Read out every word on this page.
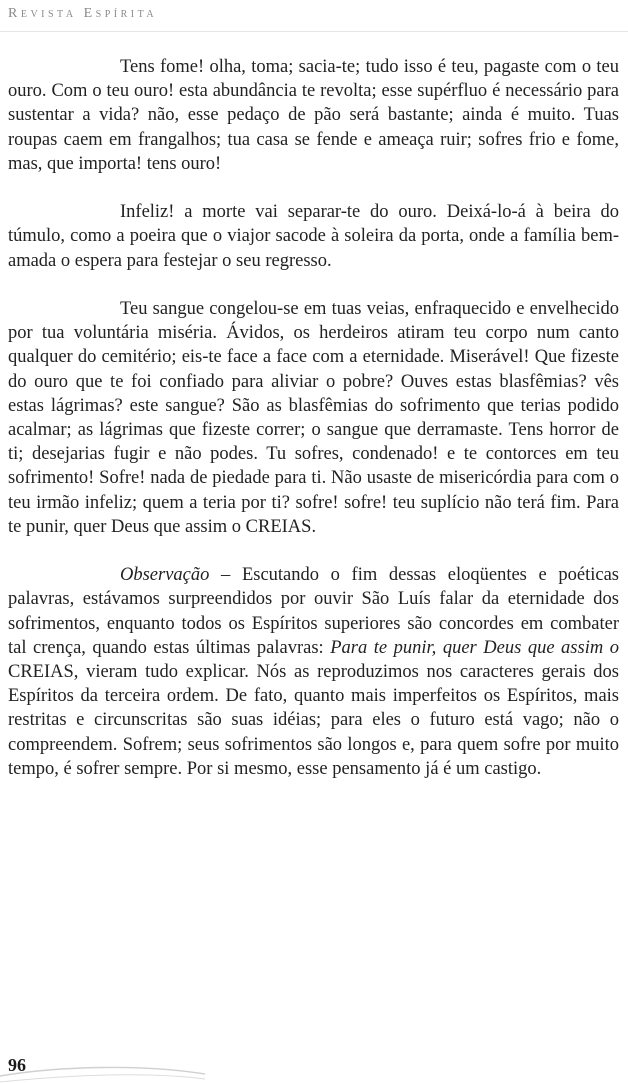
Revista Espírita

Tens fome! olha, toma; sacia-te; tudo isso é teu, pagaste com o teu ouro. Com o teu ouro! esta abundância te revolta; esse supérfluo é necessário para sustentar a vida? não, esse pedaço de pão será bastante; ainda é muito. Tuas roupas caem em frangalhos; tua casa se fende e ameaça ruir; sofres frio e fome, mas, que importa! tens ouro!

Infeliz! a morte vai separar-te do ouro. Deixá-lo-á à beira do túmulo, como a poeira que o viajor sacode à soleira da porta, onde a família bem-amada o espera para festejar o seu regresso.

Teu sangue congelou-se em tuas veias, enfraquecido e envelhecido por tua voluntária miséria. Ávidos, os herdeiros atiram teu corpo num canto qualquer do cemitério; eis-te face a face com a eternidade. Miserável! Que fizeste do ouro que te foi confiado para aliviar o pobre? Ouves estas blasfêmias? vês estas lágrimas? este sangue? São as blasfêmias do sofrimento que terias podido acalmar; as lágrimas que fizeste correr; o sangue que derramaste. Tens horror de ti; desejarias fugir e não podes. Tu sofres, condenado! e te contorces em teu sofrimento! Sofre! nada de piedade para ti. Não usaste de misericórdia para com o teu irmão infeliz; quem a teria por ti? sofre! sofre! teu suplício não terá fim. Para te punir, quer Deus que assim o CREIAS.

Observação – Escutando o fim dessas eloqüentes e poéticas palavras, estávamos surpreendidos por ouvir São Luís falar da eternidade dos sofrimentos, enquanto todos os Espíritos superiores são concordes em combater tal crença, quando estas últimas palavras: Para te punir, quer Deus que assim o CREIAS, vieram tudo explicar. Nós as reproduzimos nos caracteres gerais dos Espíritos da terceira ordem. De fato, quanto mais imperfeitos os Espíritos, mais restritas e circunscritas são suas idéias; para eles o futuro está vago; não o compreendem. Sofrem; seus sofrimentos são longos e, para quem sofre por muito tempo, é sofrer sempre. Por si mesmo, esse pensamento já é um castigo.

96
